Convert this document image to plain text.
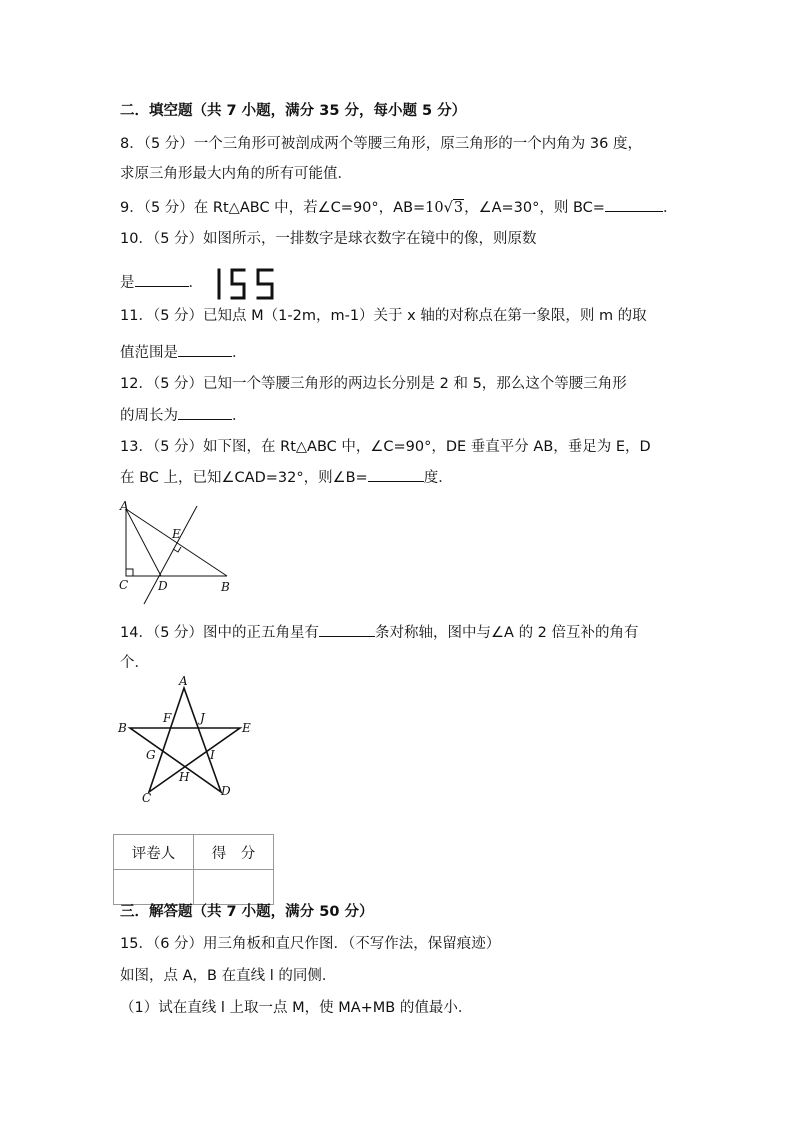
二．填空题（共 7 小题，满分 35 分，每小题 5 分）
8．（5 分）一个三角形可被剖成两个等腰三角形，原三角形的一个内角为 36 度，
求原三角形最大内角的所有可能值．
9．（5 分）在 Rt△ABC 中，若∠C=90°，AB=10√3，∠A=30°，则 BC=	．
10．（5 分）如图所示，一排数字是球衣数字在镜中的像，则原数
是	．
11．（5 分）已知点 M（1-2m，m-1）关于 x 轴的对称点在第一象限，则 m 的取
值范围是	．
12．（5 分）已知一个等腰三角形的两边长分别是 2 和 5，那么这个等腰三角形
的周长为	．
13．（5 分）如下图，在 Rt△ABC 中，∠C=90°，DE 垂直平分 AB，垂足为 E，D
在 BC 上，已知∠CAD=32°，则∠B=	度．
A
E
C D	B
14．（5 分）图中的正五角星有	条对称轴，图中与∠A 的 2 倍互补的角有
个．
A
B	E
F J
G	I
H
C	D
评卷人	得　分

三．解答题（共 7 小题，满分 50 分）
15．（6 分）用三角板和直尺作图．（不写作法，保留痕迹）
如图，点 A，B 在直线 l 的同侧．
（1）试在直线 l 上取一点 M，使 MA+MB 的值最小．
